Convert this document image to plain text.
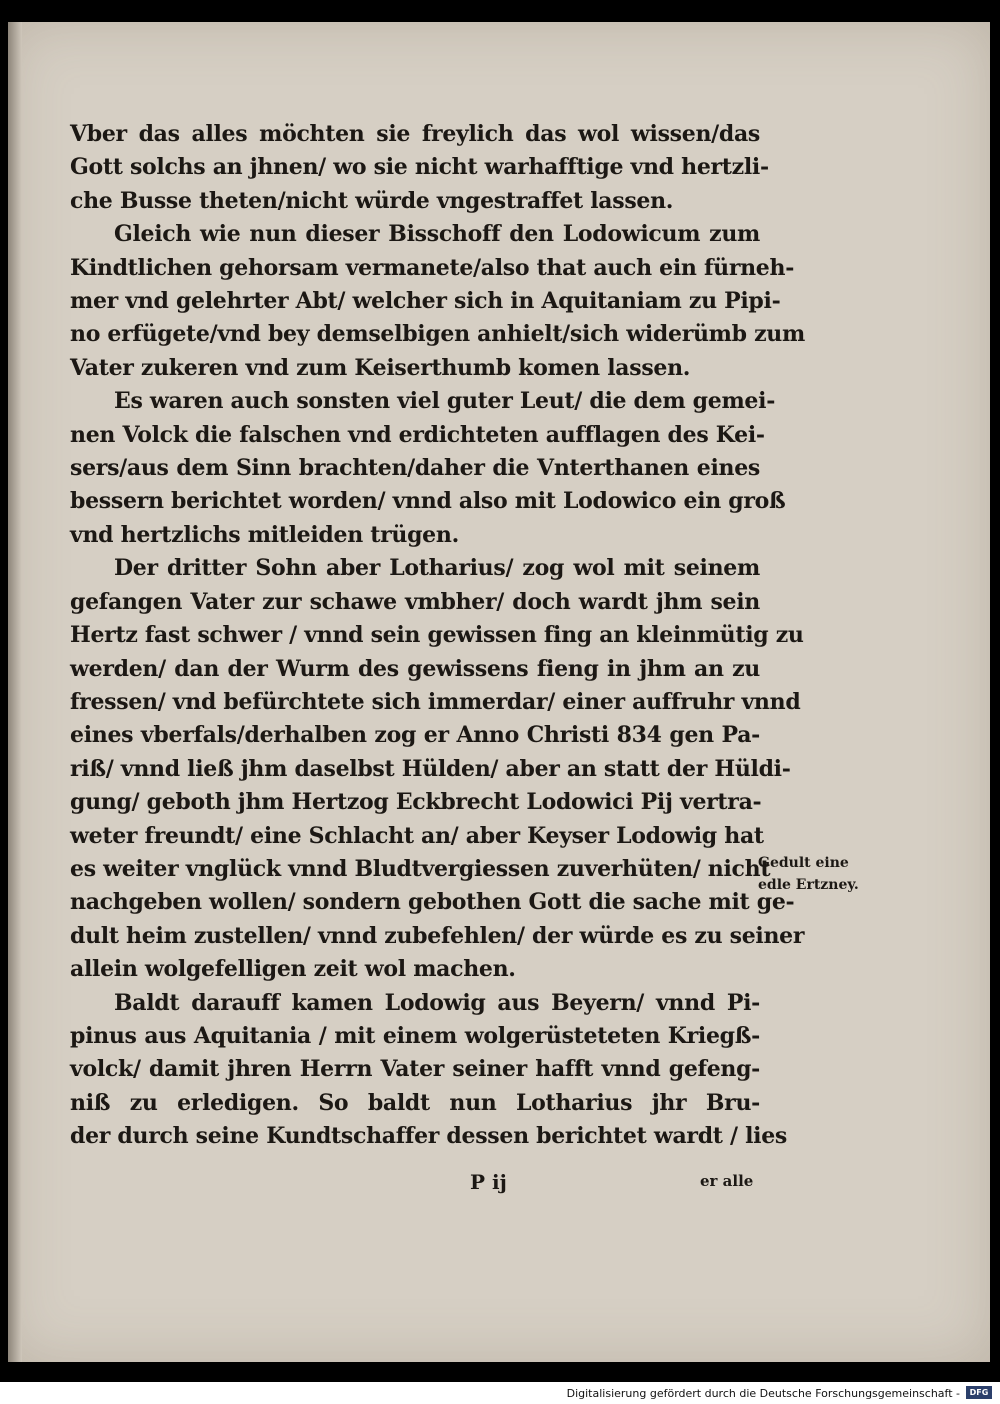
Vber das alles möchten sie freylich das wol wissen/das
Gott solchs an jhnen/ wo sie nicht warhafftige vnd hertzli-
che Busse theten/nicht würde vngestraffet lassen.
Gleich wie nun dieser Bisschoff den Lodowicum zum
Kindtlichen gehorsam vermanete/also that auch ein fürneh-
mer vnd gelehrter Abt/ welcher sich in Aquitaniam zu Pipi-
no erfügete/vnd bey demselbigen anhielt/sich widerümb zum
Vater zukeren vnd zum Keiserthumb komen lassen.
Es waren auch sonsten viel guter Leut/ die dem gemei-
nen Volck die falschen vnd erdichteten aufflagen des Kei-
sers/aus dem Sinn brachten/daher die Vnterthanen eines
bessern berichtet worden/ vnnd also mit Lodowico ein groß
vnd hertzlichs mitleiden trügen.
Der dritter Sohn aber Lotharius/ zog wol mit seinem
gefangen Vater zur schawe vmbher/ doch wardt jhm sein
Hertz fast schwer / vnnd sein gewissen fing an kleinmütig zu
werden/ dan der Wurm des gewissens fieng in jhm an zu
fressen/ vnd befürchtete sich immerdar/ einer auffruhr vnnd
eines vberfals/derhalben zog er Anno Christi 834 gen Pa-
riß/ vnnd ließ jhm daselbst Hülden/ aber an statt der Hüldi-
gung/ geboth jhm Hertzog Eckbrecht Lodowici Pij vertra-
weter freundt/ eine Schlacht an/ aber Keyser Lodowig hat
es weiter vnglück vnnd Bludtvergiessen zuverhüten/ nicht
nachgeben wollen/ sondern gebothen Gott die sache mit ge-
dult heim zustellen/ vnnd zubefehlen/ der würde es zu seiner
allein wolgefelligen zeit wol machen.
Baldt darauff kamen Lodowig aus Beyern/ vnnd Pi-
pinus aus Aquitania / mit einem wolgerüsteteten Kriegß-
volck/ damit jhren Herrn Vater seiner hafft vnnd gefeng-
niß zu erledigen. So baldt nun Lotharius jhr Bru-
der durch seine Kundtschaffer dessen berichtet wardt / lies
Gedult eine
edle Ertzney.
P ij	er alle
Digitalisierung gefördert durch die Deutsche Forschungsgemeinschaft -	DFG
